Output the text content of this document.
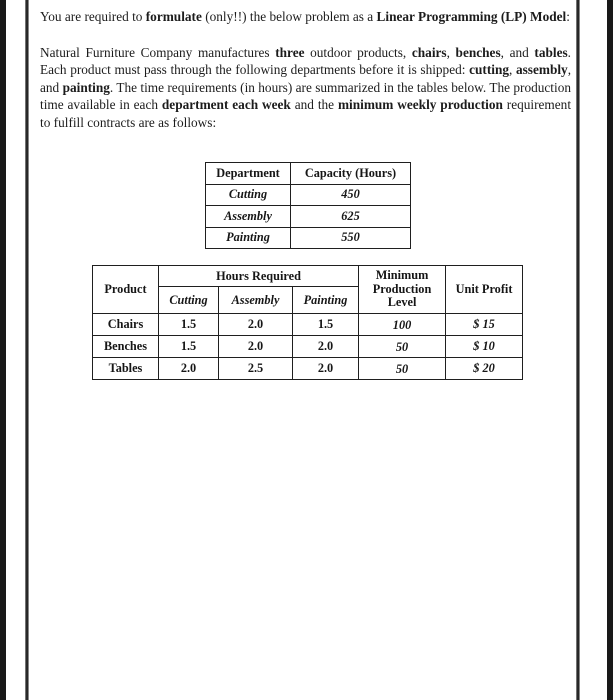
You are required to formulate (only!!) the below problem as a Linear Programming (LP) Model:

Natural Furniture Company manufactures three outdoor products, chairs, benches, and tables. Each product must pass through the following departments before it is shipped: cutting, assembly, and painting. The time requirements (in hours) are summarized in the tables below. The production time available in each department each week and the minimum weekly production requirement to fulfill contracts are as follows:

Department	Capacity (Hours)
Cutting	450
Assembly	625
Painting	550
Product	Hours Required			Minimum Production Level	Unit Profit
	Cutting	Assembly	Painting		
Chairs	1.5	2.0	1.5	100	$ 15
Benches	1.5	2.0	2.0	50	$ 10
Tables	2.0	2.5	2.0	50	$ 20
